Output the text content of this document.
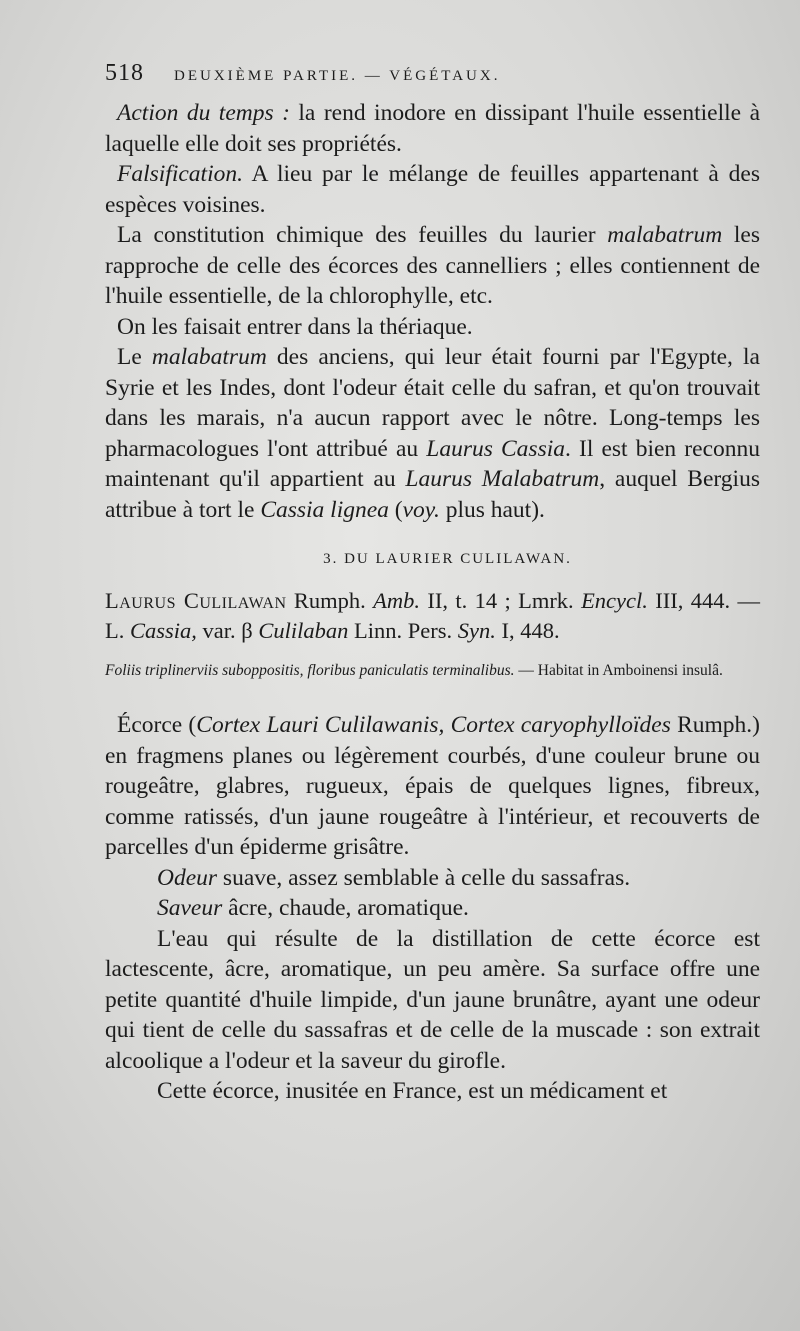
518 DEUXIÈME PARTIE. — VÉGÉTAUX.

Action du temps : la rend inodore en dissipant l'huile essentielle à laquelle elle doit ses propriétés.

Falsification. A lieu par le mélange de feuilles appartenant à des espèces voisines.

La constitution chimique des feuilles du laurier malabatrum les rapproche de celle des écorces des cannelliers ; elles contiennent de l'huile essentielle, de la chlorophylle, etc.

On les faisait entrer dans la thériaque.

Le malabatrum des anciens, qui leur était fourni par l'Egypte, la Syrie et les Indes, dont l'odeur était celle du safran, et qu'on trouvait dans les marais, n'a aucun rapport avec le nôtre. Long-temps les pharmacologues l'ont attribué au Laurus Cassia. Il est bien reconnu maintenant qu'il appartient au Laurus Malabatrum, auquel Bergius attribue à tort le Cassia lignea (voy. plus haut).

3. DU LAURIER CULILAWAN.

Laurus Culilawan Rumph. Amb. II, t. 14 ; Lmrk. Encycl. III, 444. — L. Cassia, var. β Culilaban Linn. Pers. Syn. I, 448.

Foliis triplinerviis suboppositis, floribus paniculatis terminalibus. — Habitat in Amboinensi insulâ.

Écorce (Cortex Lauri Culilawanis, Cortex caryophylloïdes Rumph.) en fragmens planes ou légèrement courbés, d'une couleur brune ou rougeâtre, glabres, rugueux, épais de quelques lignes, fibreux, comme ratissés, d'un jaune rougeâtre à l'intérieur, et recouverts de parcelles d'un épiderme grisâtre.

Odeur suave, assez semblable à celle du sassafras.

Saveur âcre, chaude, aromatique.

L'eau qui résulte de la distillation de cette écorce est lactescente, âcre, aromatique, un peu amère. Sa surface offre une petite quantité d'huile limpide, d'un jaune brunâtre, ayant une odeur qui tient de celle du sassafras et de celle de la muscade : son extrait alcoolique a l'odeur et la saveur du girofle.

Cette écorce, inusitée en France, est un médicament et
